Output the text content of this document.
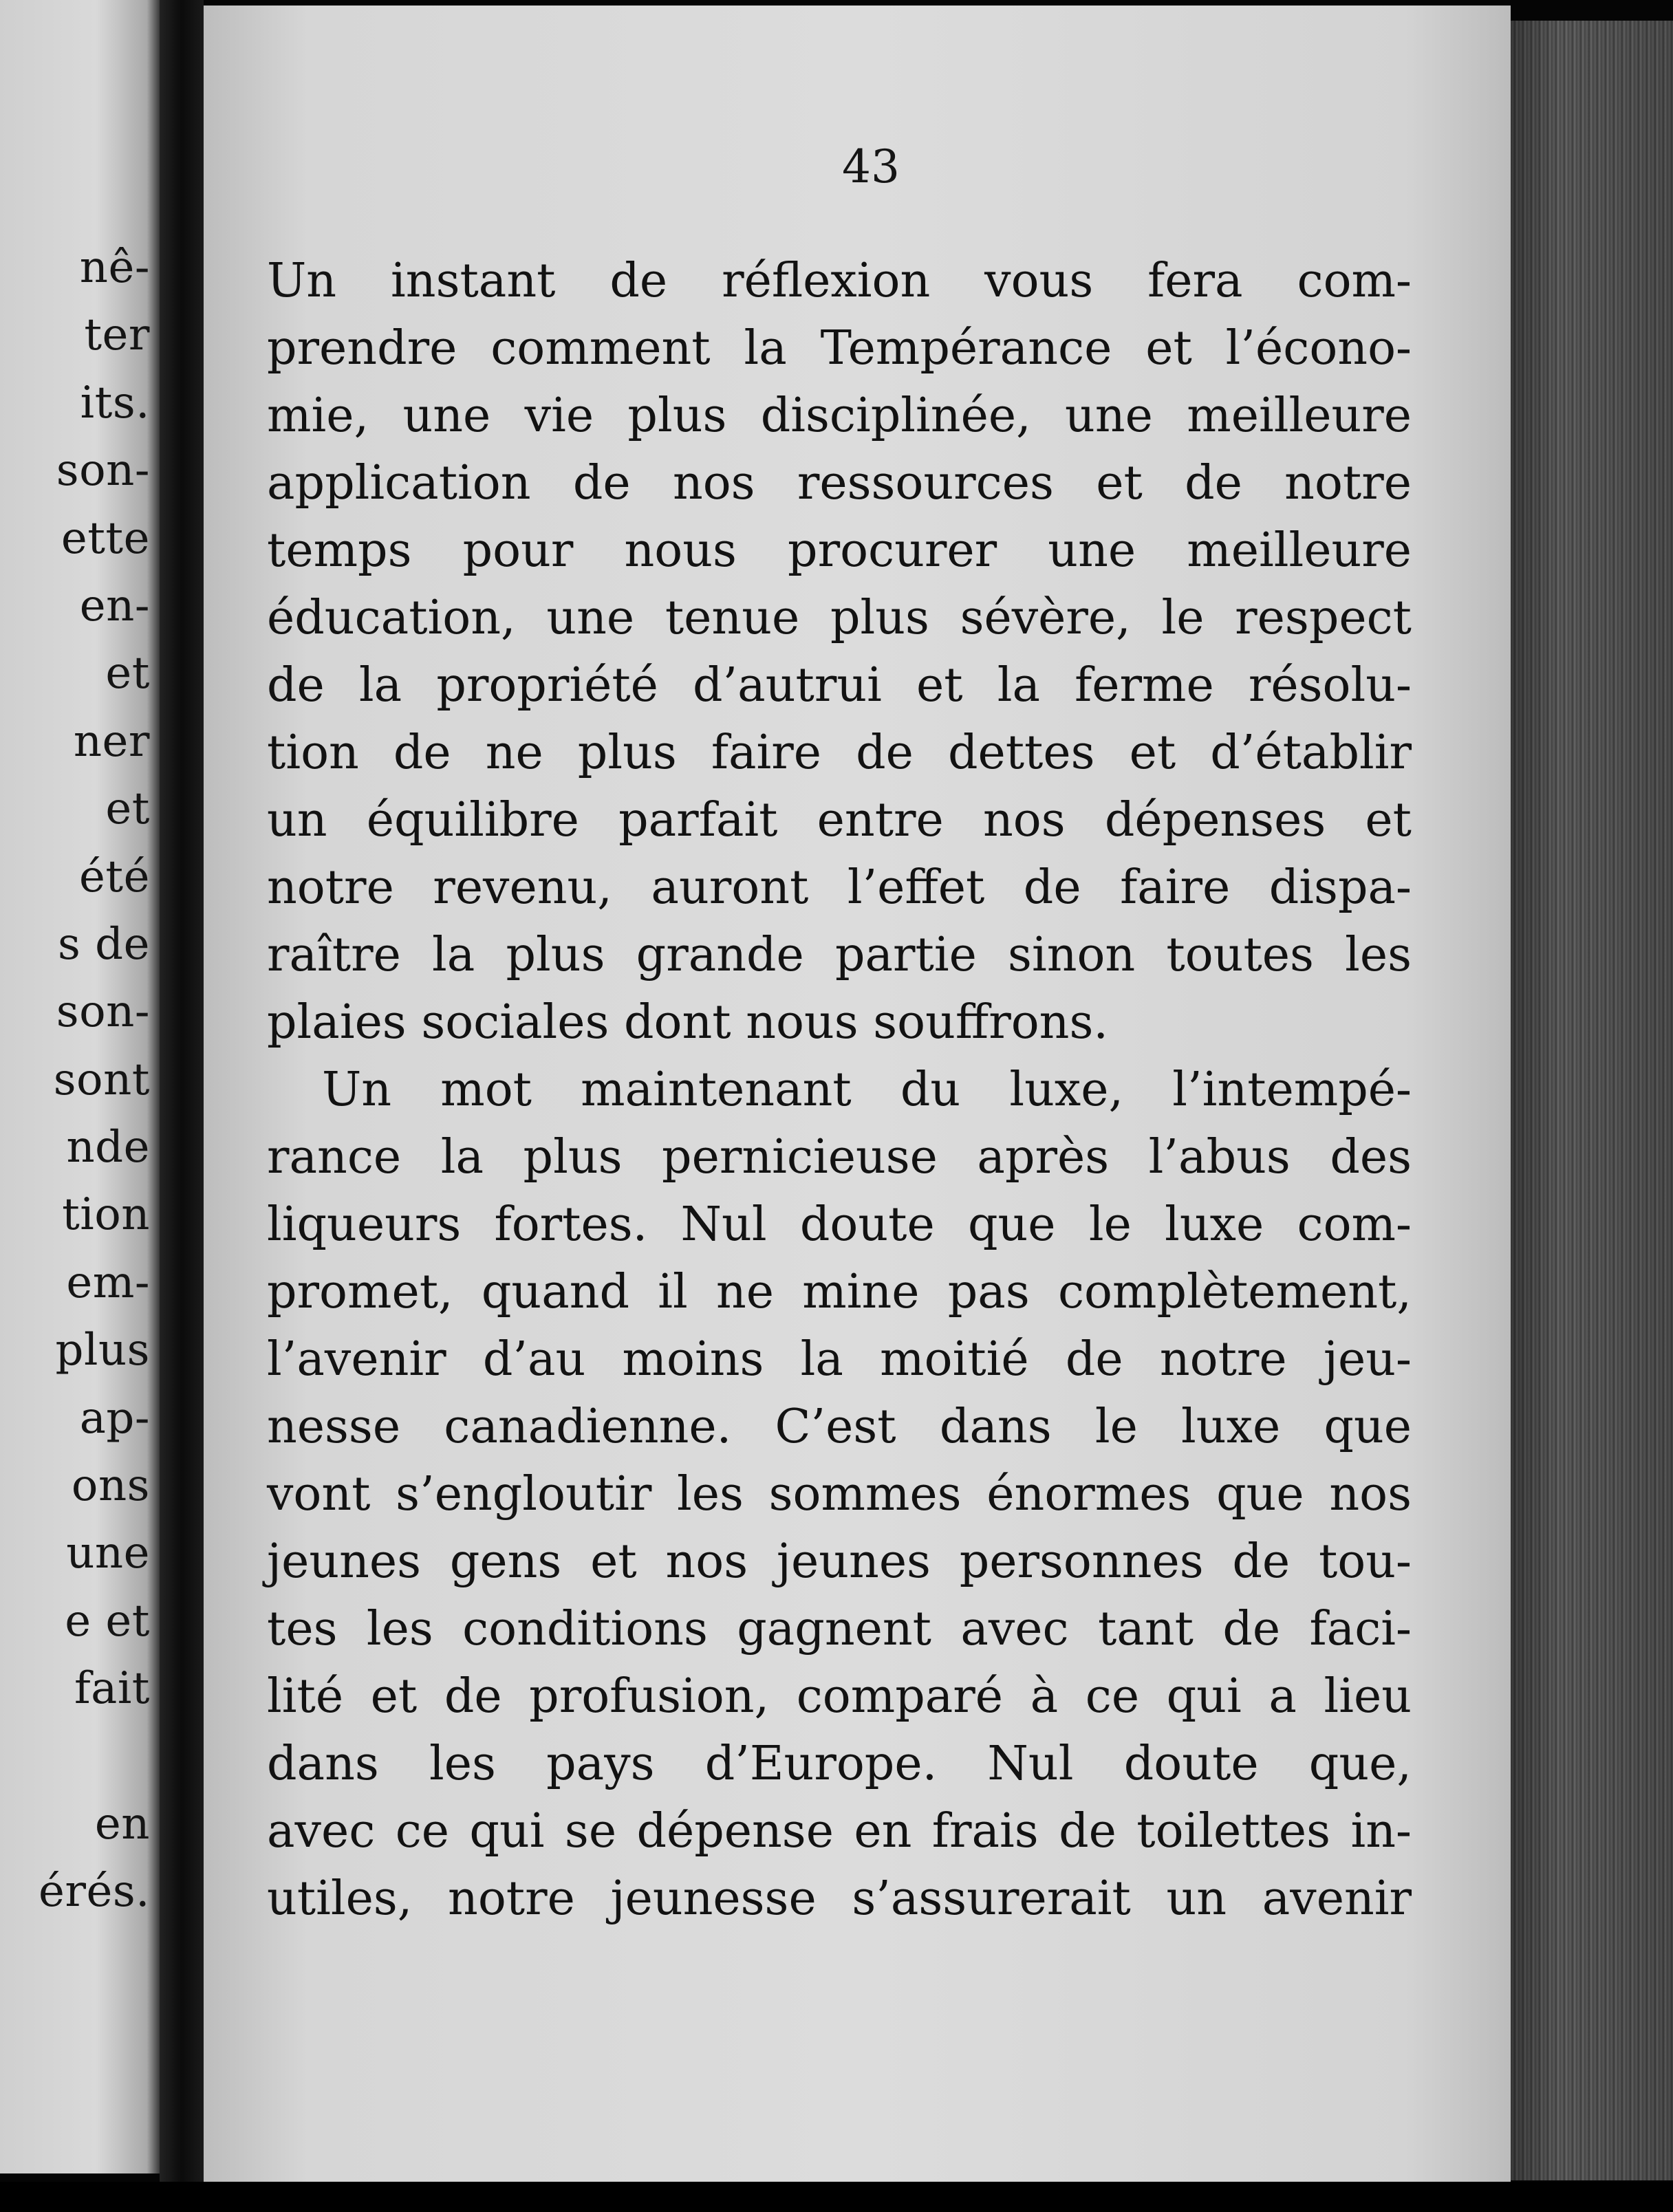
nê-
ter
its.
son-
ette
en-
et
ner
et
été
s de
son-
sont
nde
tion
em-
plus
ap-
ons
une
e et
fait
en
érés.
43
Un instant de réflexion vous fera com-
prendre comment la Tempérance et l’écono-
mie, une vie plus disciplinée, une meilleure
application de nos ressources et de notre
temps pour nous procurer une meilleure
éducation, une tenue plus sévère, le respect
de la propriété d’autrui et la ferme résolu-
tion de ne plus faire de dettes et d’établir
un équilibre parfait entre nos dépenses et
notre revenu, auront l’effet de faire dispa-
raître la plus grande partie sinon toutes les
plaies sociales dont nous souffrons.
Un mot maintenant du luxe, l’intempé-
rance la plus pernicieuse après l’abus des
liqueurs fortes. Nul doute que le luxe com-
promet, quand il ne mine pas complètement,
l’avenir d’au moins la moitié de notre jeu-
nesse canadienne. C’est dans le luxe que
vont s’engloutir les sommes énormes que nos
jeunes gens et nos jeunes personnes de tou-
tes les conditions gagnent avec tant de faci-
lité et de profusion, comparé à ce qui a lieu
dans les pays d’Europe. Nul doute que,
avec ce qui se dépense en frais de toilettes in-
utiles, notre jeunesse s’assurerait un avenir
